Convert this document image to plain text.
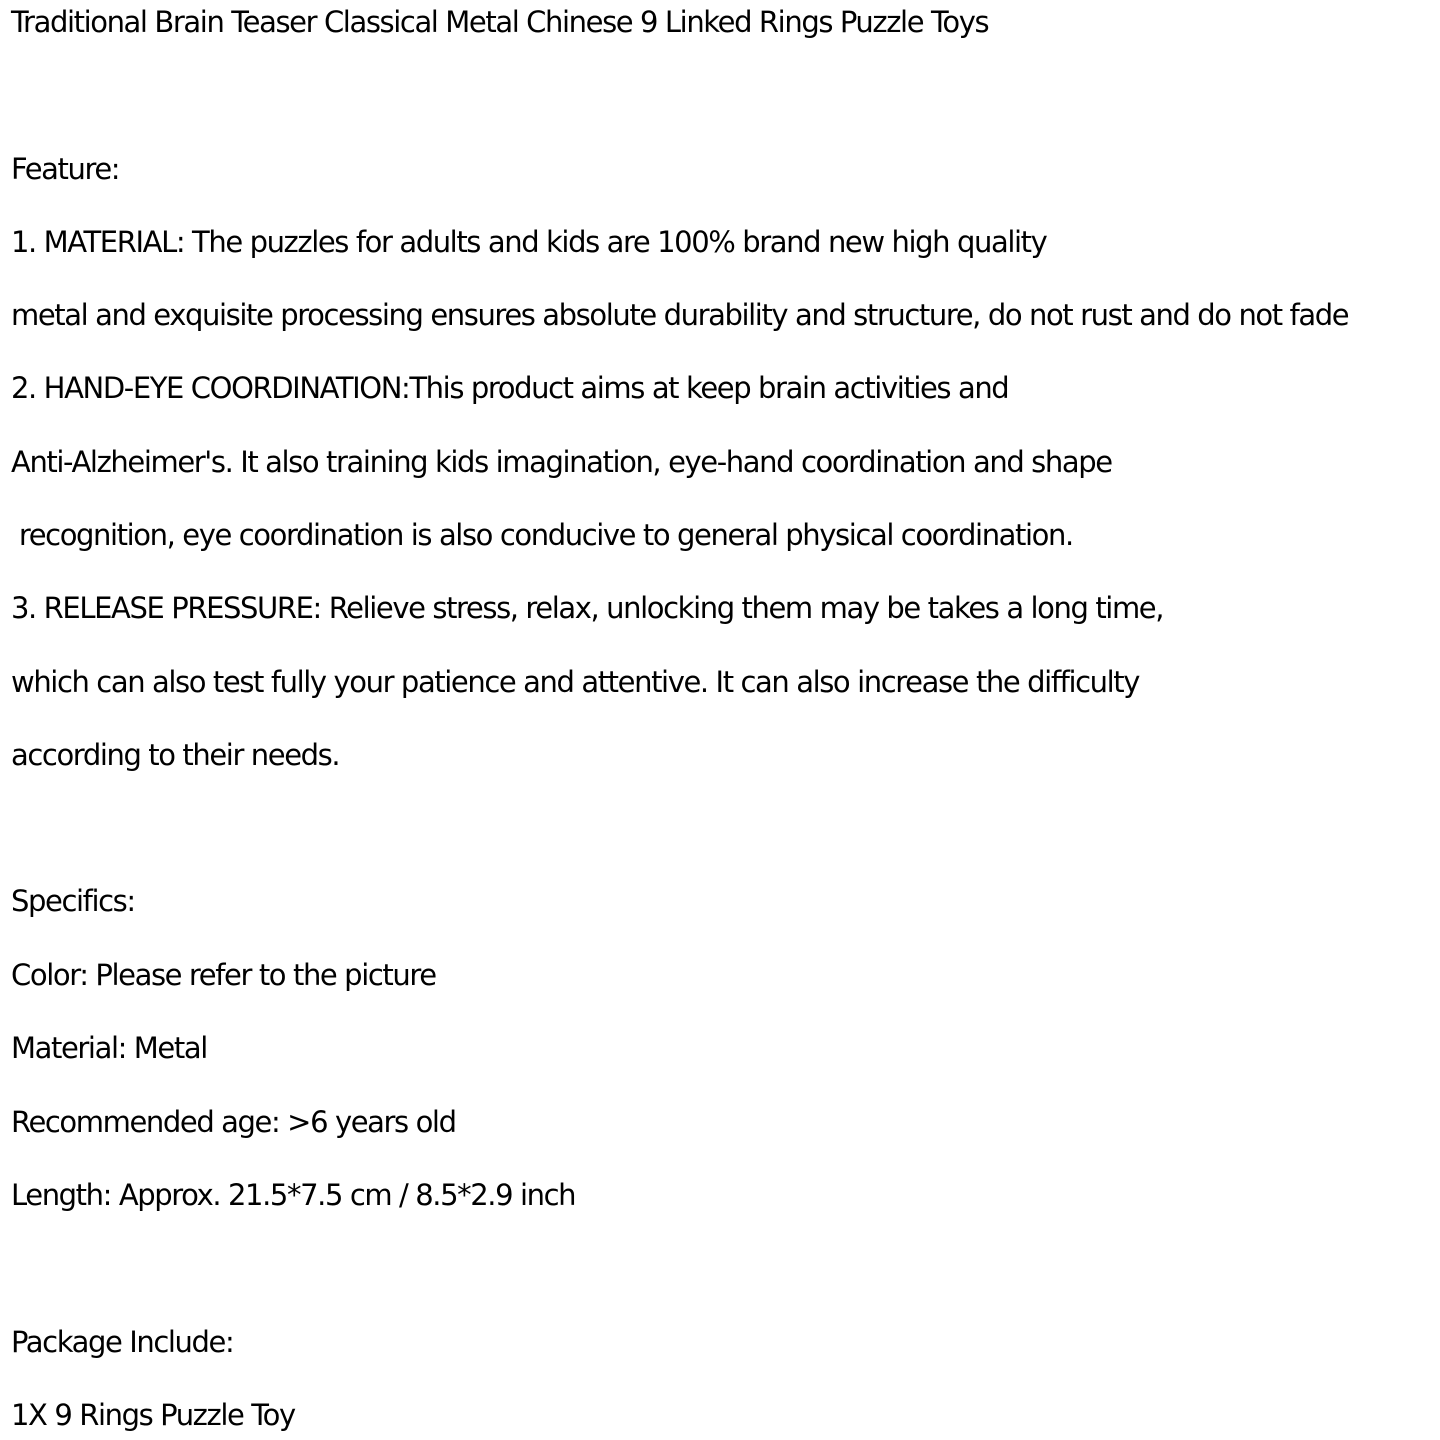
Traditional Brain Teaser Classical Metal Chinese 9 Linked Rings Puzzle Toys
Feature:
1. MATERIAL: The puzzles for adults and kids are 100% brand new high quality
metal and exquisite processing ensures absolute durability and structure, do not rust and do not fade
2. HAND-EYE COORDINATION:This product aims at keep brain activities and
Anti-Alzheimer's. It also training kids imagination, eye-hand coordination and shape
recognition, eye coordination is also conducive to general physical coordination.
3. RELEASE PRESSURE: Relieve stress, relax, unlocking them may be takes a long time,
which can also test fully your patience and attentive. It can also increase the difficulty
according to their needs.
Specifics:
Color: Please refer to the picture
Material: Metal
Recommended age: >6 years old
Length: Approx. 21.5*7.5 cm / 8.5*2.9 inch
Package Include:
1X 9 Rings Puzzle Toy
